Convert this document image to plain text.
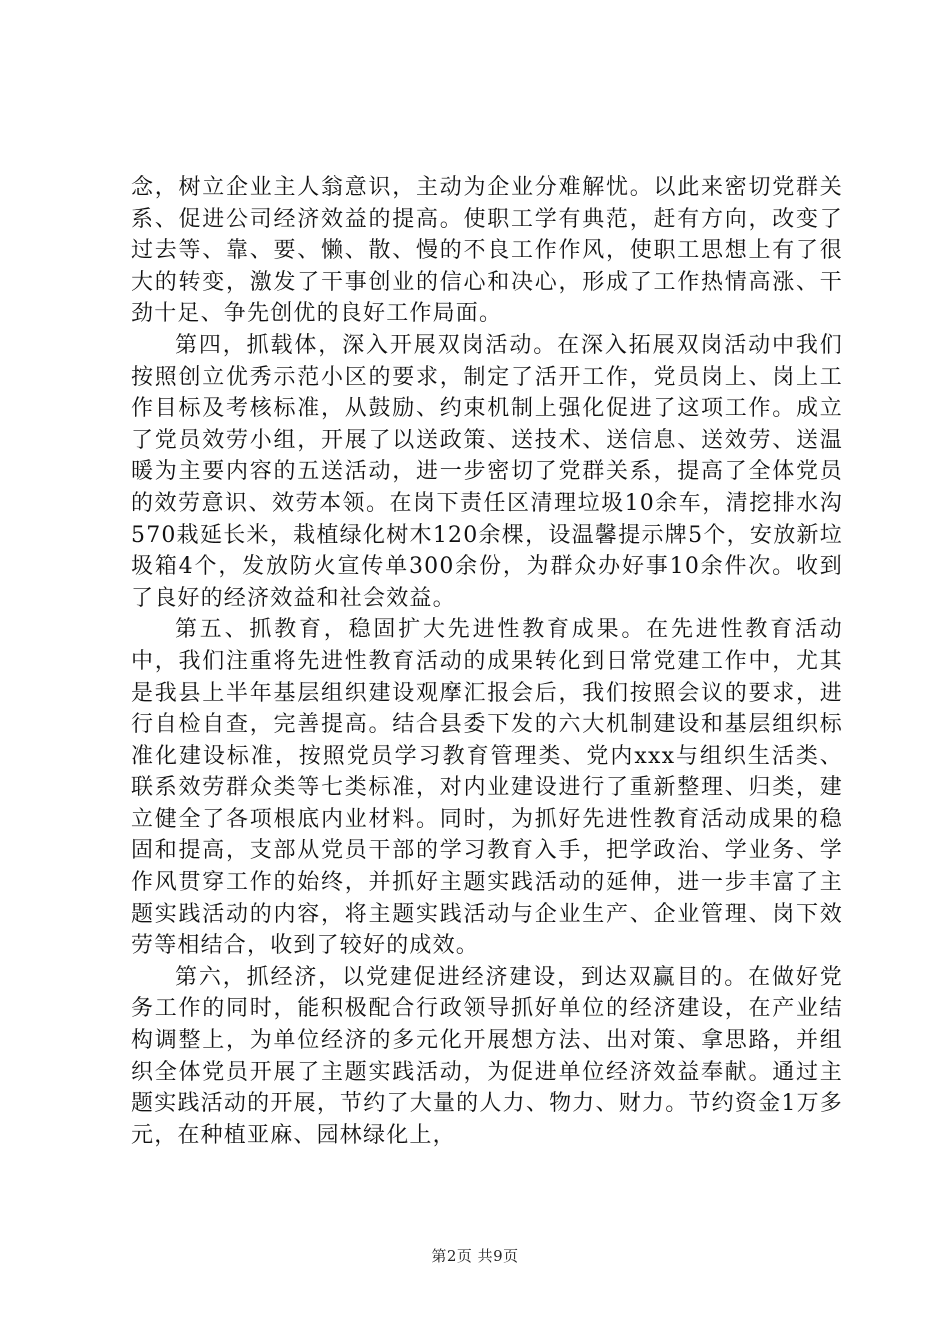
念，树立企业主人翁意识，主动为企业分难解忧。以此来密切党群关系、促进公司经济效益的提高。使职工学有典范，赶有方向，改变了过去等、靠、要、懒、散、慢的不良工作作风，使职工思想上有了很大的转变，激发了干事创业的信心和决心，形成了工作热情高涨、干劲十足、争先创优的良好工作局面。

第四，抓载体，深入开展双岗活动。在深入拓展双岗活动中我们按照创立优秀示范小区的要求，制定了活开工作，党员岗上、岗上工作目标及考核标准，从鼓励、约束机制上强化促进了这项工作。成立了党员效劳小组，开展了以送政策、送技术、送信息、送效劳、送温暖为主要内容的五送活动，进一步密切了党群关系，提高了全体党员的效劳意识、效劳本领。在岗下责任区清理垃圾10余车，清挖排水沟570栽延长米，栽植绿化树木120余棵，设温馨提示牌5个，安放新垃圾箱4个，发放防火宣传单300余份，为群众办好事10余件次。收到了良好的经济效益和社会效益。

第五、抓教育，稳固扩大先进性教育成果。在先进性教育活动中，我们注重将先进性教育活动的成果转化到日常党建工作中，尤其是我县上半年基层组织建设观摩汇报会后，我们按照会议的要求，进行自检自查，完善提高。结合县委下发的六大机制建设和基层组织标准化建设标准，按照党员学习教育管理类、党内xxx与组织生活类、联系效劳群众类等七类标准，对内业建设进行了重新整理、归类，建立健全了各项根底内业材料。同时，为抓好先进性教育活动成果的稳固和提高，支部从党员干部的学习教育入手，把学政治、学业务、学作风贯穿工作的始终，并抓好主题实践活动的延伸，进一步丰富了主题实践活动的内容，将主题实践活动与企业生产、企业管理、岗下效劳等相结合，收到了较好的成效。

第六，抓经济，以党建促进经济建设，到达双赢目的。在做好党务工作的同时，能积极配合行政领导抓好单位的经济建设，在产业结构调整上，为单位经济的多元化开展想方法、出对策、拿思路，并组织全体党员开展了主题实践活动，为促进单位经济效益奉献。通过主题实践活动的开展，节约了大量的人力、物力、财力。节约资金1万多元，在种植亚麻、园林绿化上，

第2页 共9页
